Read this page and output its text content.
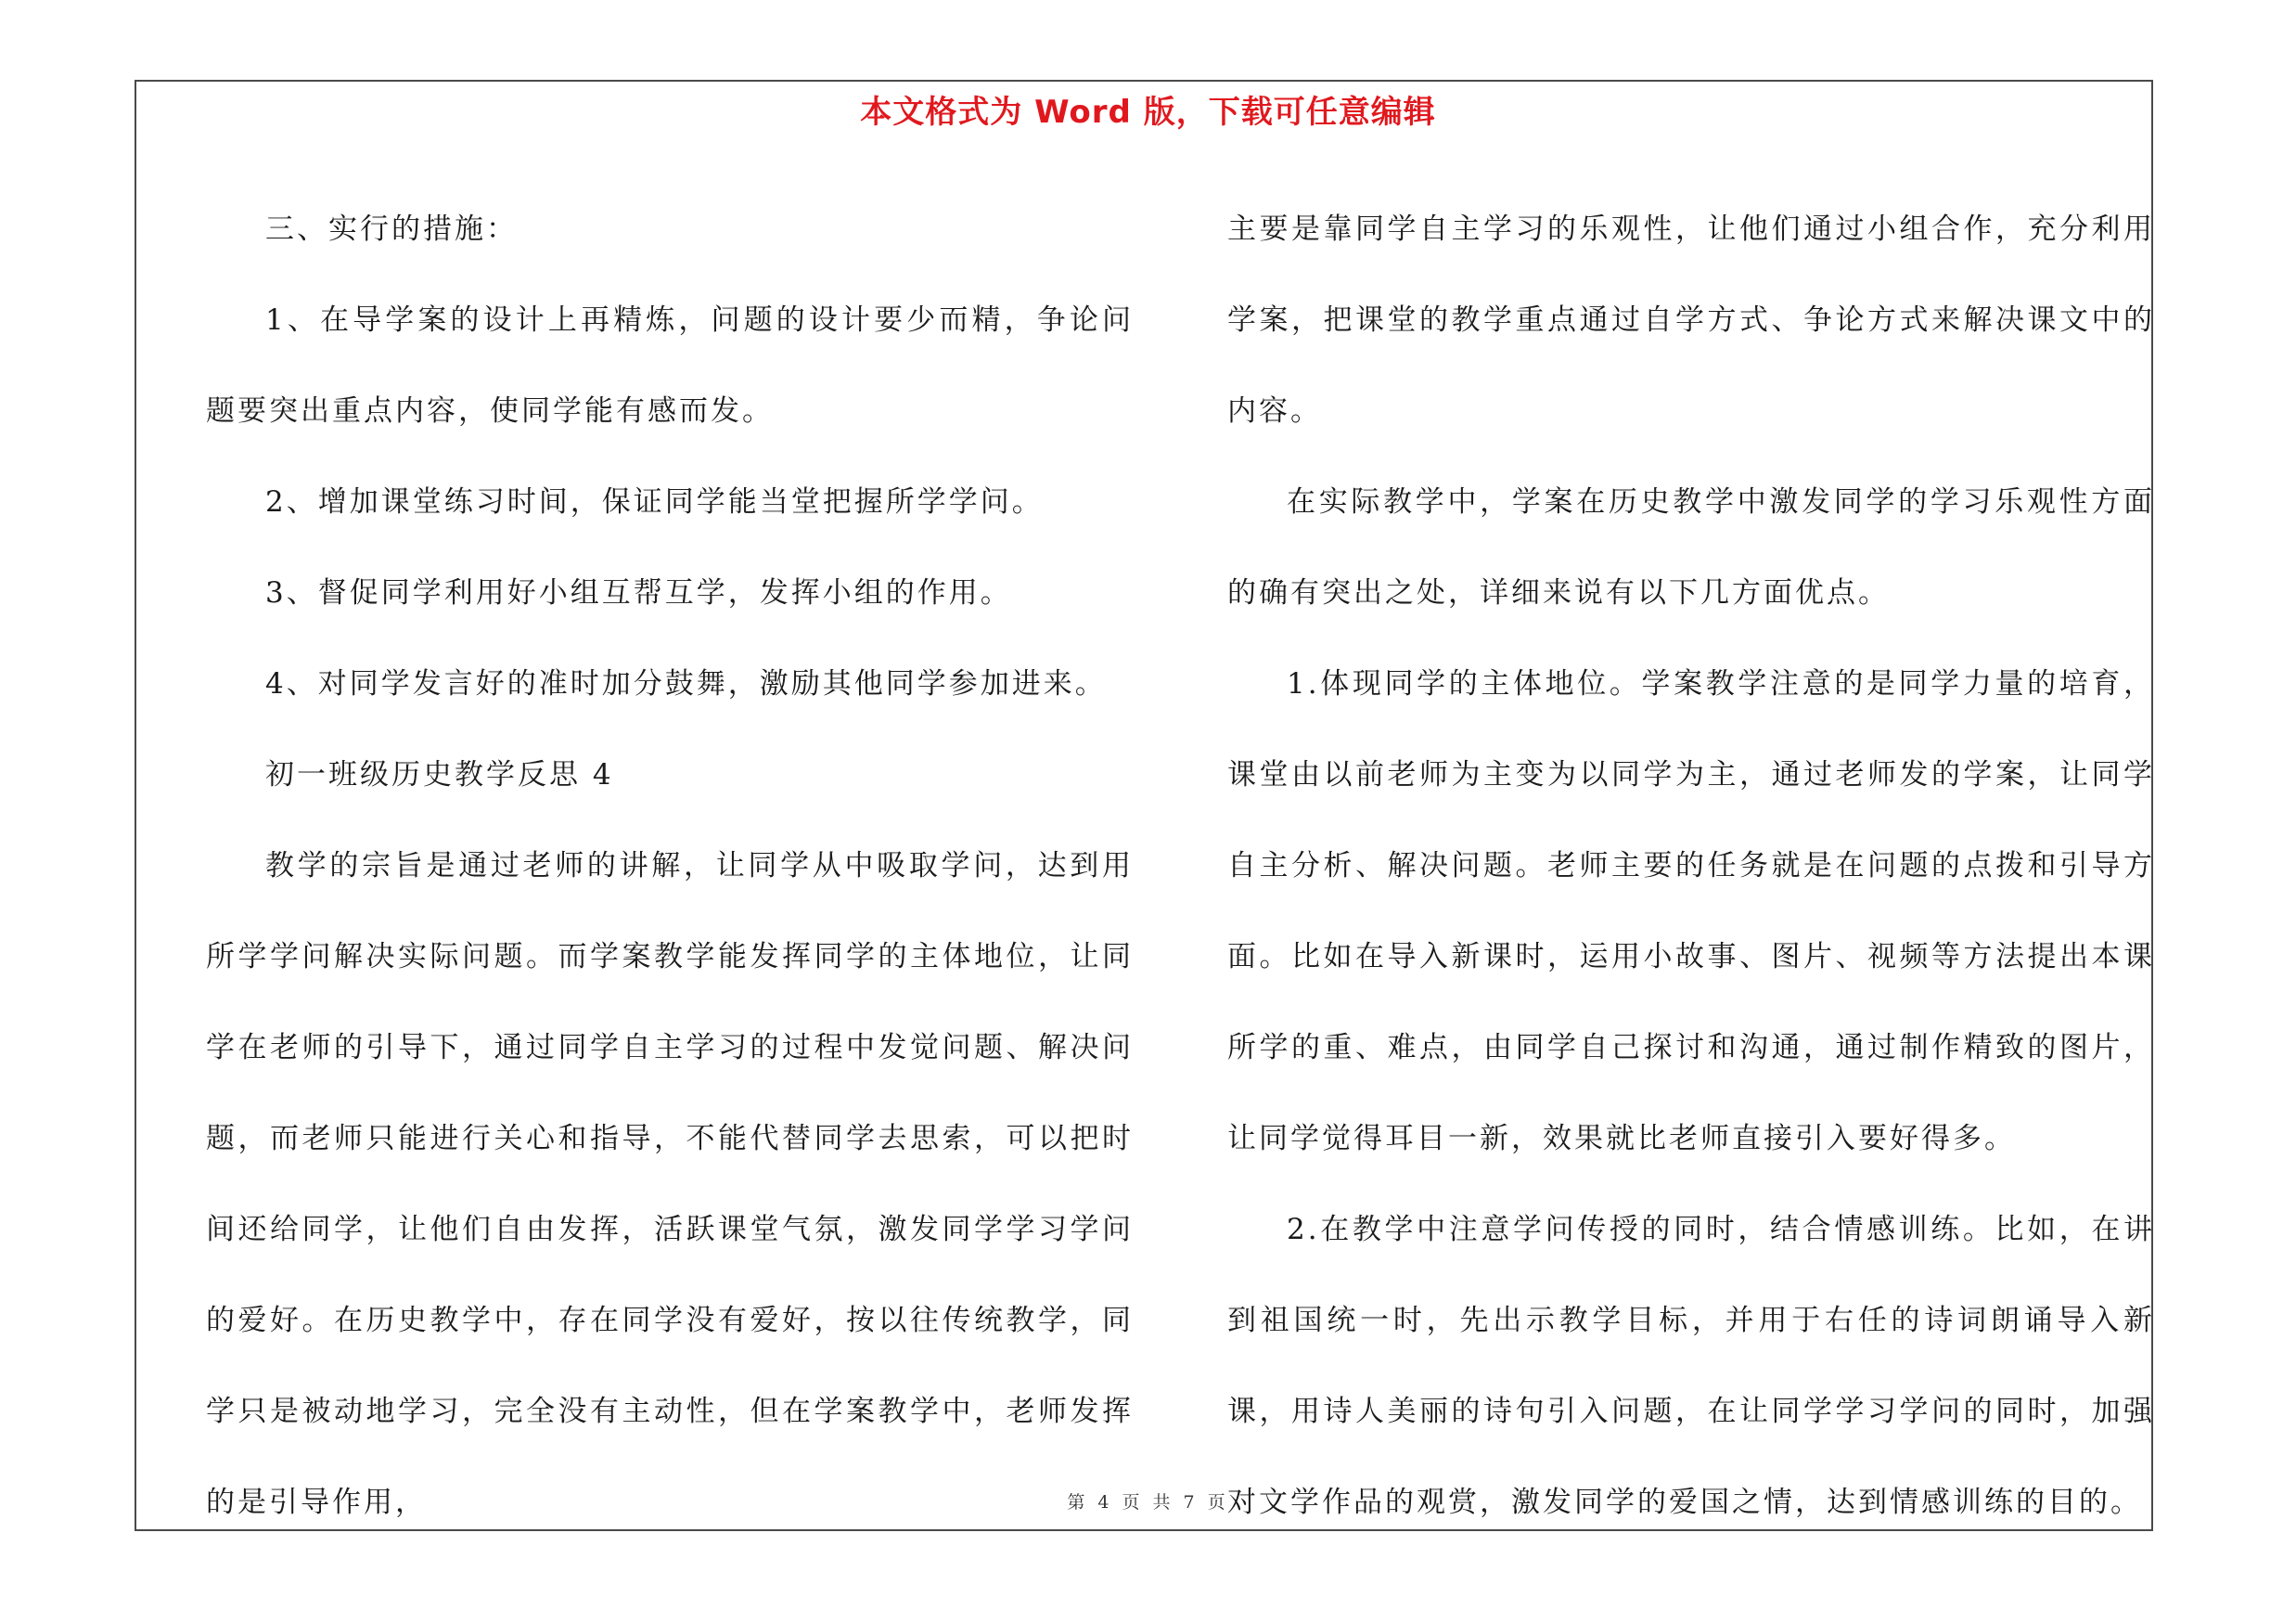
本文格式为 Word 版，下载可任意编辑

三、实行的措施：

1、在导学案的设计上再精炼，问题的设计要少而精，争论问题要突出重点内容，使同学能有感而发。

2、增加课堂练习时间，保证同学能当堂把握所学学问。

3、督促同学利用好小组互帮互学，发挥小组的作用。

4、对同学发言好的准时加分鼓舞，激励其他同学参加进来。

初一班级历史教学反思 4

教学的宗旨是通过老师的讲解，让同学从中吸取学问，达到用所学学问解决实际问题。而学案教学能发挥同学的主体地位，让同学在老师的引导下，通过同学自主学习的过程中发觉问题、解决问题，而老师只能进行关心和指导，不能代替同学去思索，可以把时间还给同学，让他们自由发挥，活跃课堂气氛，激发同学学习学问的爱好。在历史教学中，存在同学没有爱好，按以往传统教学，同学只是被动地学习，完全没有主动性，但在学案教学中，老师发挥的是引导作用，

主要是靠同学自主学习的乐观性，让他们通过小组合作，充分利用学案，把课堂的教学重点通过自学方式、争论方式来解决课文中的内容。

在实际教学中，学案在历史教学中激发同学的学习乐观性方面的确有突出之处，详细来说有以下几方面优点。

1.体现同学的主体地位。学案教学注意的是同学力量的培育，课堂由以前老师为主变为以同学为主，通过老师发的学案，让同学自主分析、解决问题。老师主要的任务就是在问题的点拨和引导方面。比如在导入新课时，运用小故事、图片、视频等方法提出本课所学的重、难点，由同学自己探讨和沟通，通过制作精致的图片，让同学觉得耳目一新，效果就比老师直接引入要好得多。

2.在教学中注意学问传授的同时，结合情感训练。比如，在讲到祖国统一时，先出示教学目标，并用于右任的诗词朗诵导入新课，用诗人美丽的诗句引入问题，在让同学学习学问的同时，加强对文学作品的观赏，激发同学的爱国之情，达到情感训练的目的。

第 4 页 共 7 页
